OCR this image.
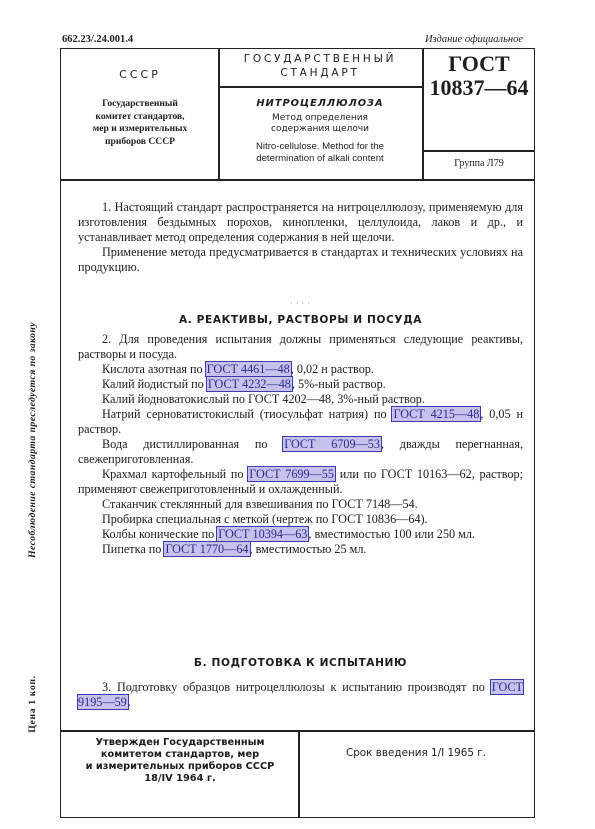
662.23/.24.001.4	Издание официальное
СССР
Государственный
комитет стандартов,
мер и измерительных
приборов СССР
ГОСУДАРСТВЕННЫЙ
СТАНДАРТ
НИТРОЦЕЛЛЮЛОЗА
Метод определения
содержания щелочи
Nitro-cellulose. Method for the
determination of alkali content
ГОСТ
10837—64
Группа Л79
Несоблюдение стандарта преследуется по закону
Цена 1 коп.

1. Настоящий стандарт распространяется на нитроцеллюлозу, применяемую для изготовления бездымных порохов, кинопленки, целлулоида, лаков и др., и устанавливает метод определения содержания в ней щелочи.

Применение метода предусматривается в стандартах и технических условиях на продукцию.

· · · ·
А. РЕАКТИВЫ, РАСТВОРЫ И ПОСУДА

2. Для проведения испытания должны применяться следующие реактивы, растворы и посуда.

Кислота азотная по ГОСТ 4461—48, 0,02 н раствор.

Калий йодистый по ГОСТ 4232—48, 5%-ный раствор.

Калий йодноватокислый по ГОСТ 4202—48, 3%-ный раствор.

Натрий серноватистокислый (тиосульфат натрия) по ГОСТ 4215—48, 0,05 н раствор.

Вода дистиллированная по ГОСТ 6709—53, дважды перегнанная, свежеприготовленная.

Крахмал картофельный по ГОСТ 7699—55 или по ГОСТ 10163—62, раствор; применяют свежеприготовленный и охлажденный.

Стаканчик стеклянный для взвешивания по ГОСТ 7148—54.

Пробирка специальная с меткой (чертеж по ГОСТ 10836—64).

Колбы конические по ГОСТ 10394—63, вместимостью 100 или 250 мл.

Пипетка по ГОСТ 1770—64, вместимостью 25 мл.

Б. ПОДГОТОВКА К ИСПЫТАНИЮ

3. Подготовку образцов нитроцеллюлозы к испытанию производят по ГОСТ 9195—59.

Утвержден Государственным
комитетом стандартов, мер
и измерительных приборов СССР
18/IV 1964 г.
Срок введения 1/I 1965 г.
